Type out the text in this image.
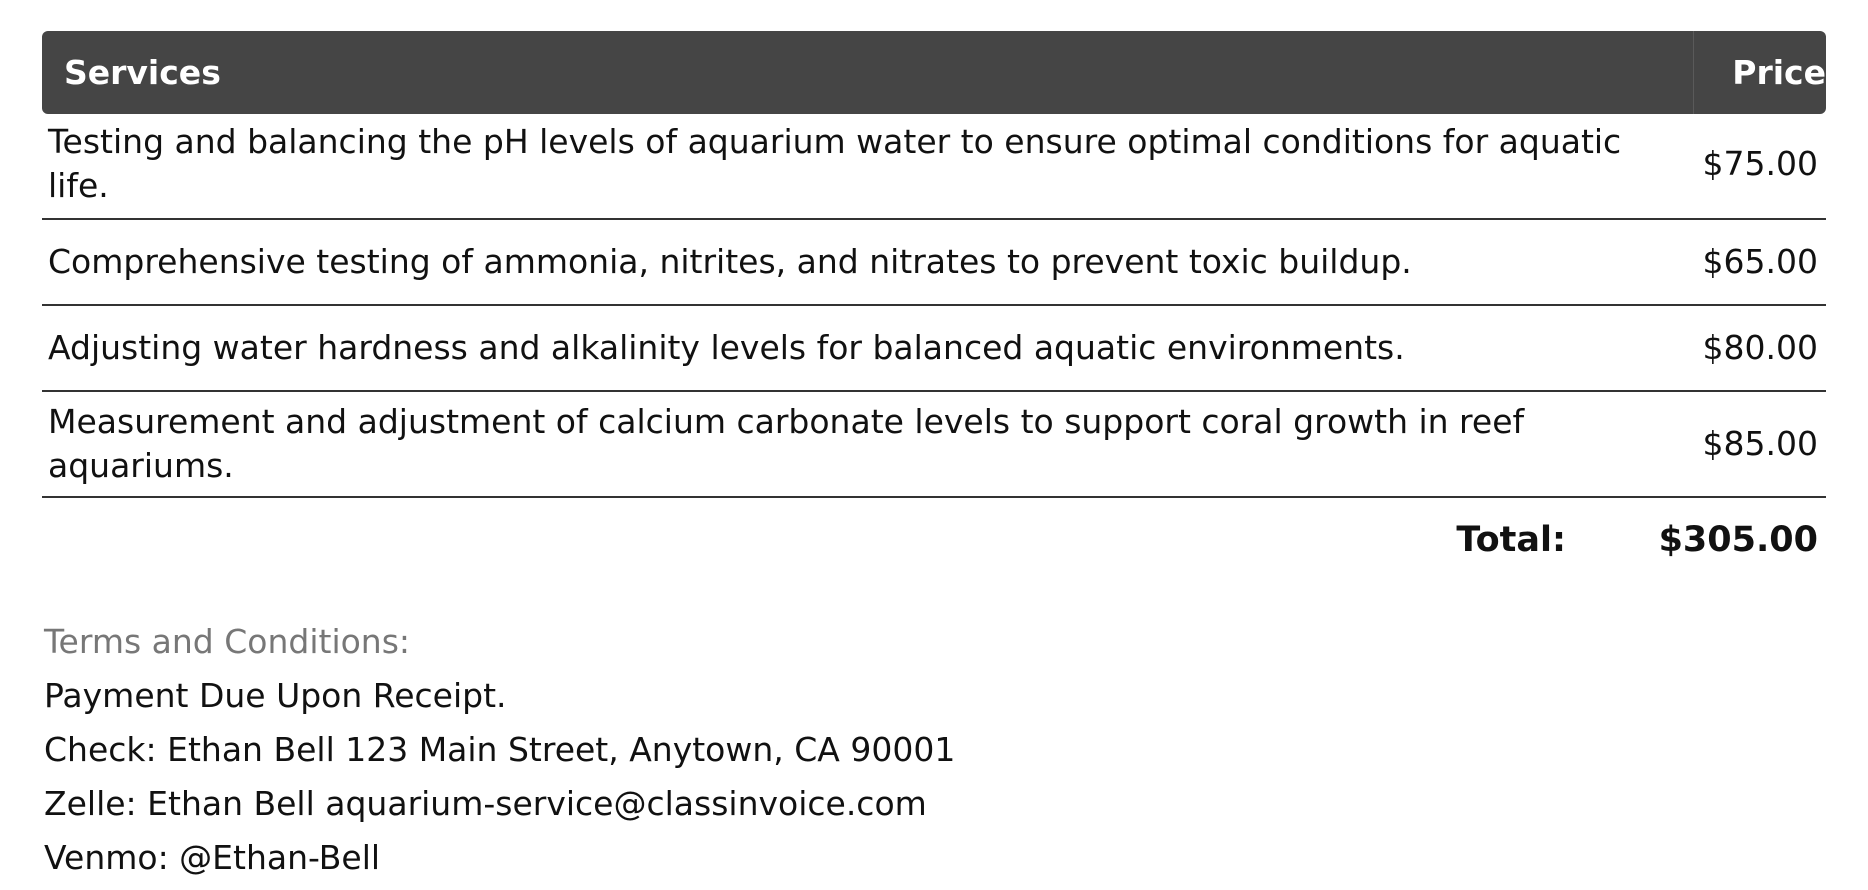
Services	Price
Testing and balancing the pH levels of aquarium water to ensure optimal conditions for aquatic life.	$75.00
Comprehensive testing of ammonia, nitrites, and nitrates to prevent toxic buildup.	$65.00
Adjusting water hardness and alkalinity levels for balanced aquatic environments.	$80.00
Measurement and adjustment of calcium carbonate levels to support coral growth in reef aquariums.	$85.00
Total:	$305.00
Terms and Conditions:
Payment Due Upon Receipt.
Check: Ethan Bell 123 Main Street, Anytown, CA 90001
Zelle: Ethan Bell aquarium-service@classinvoice.com
Venmo: @Ethan-Bell
